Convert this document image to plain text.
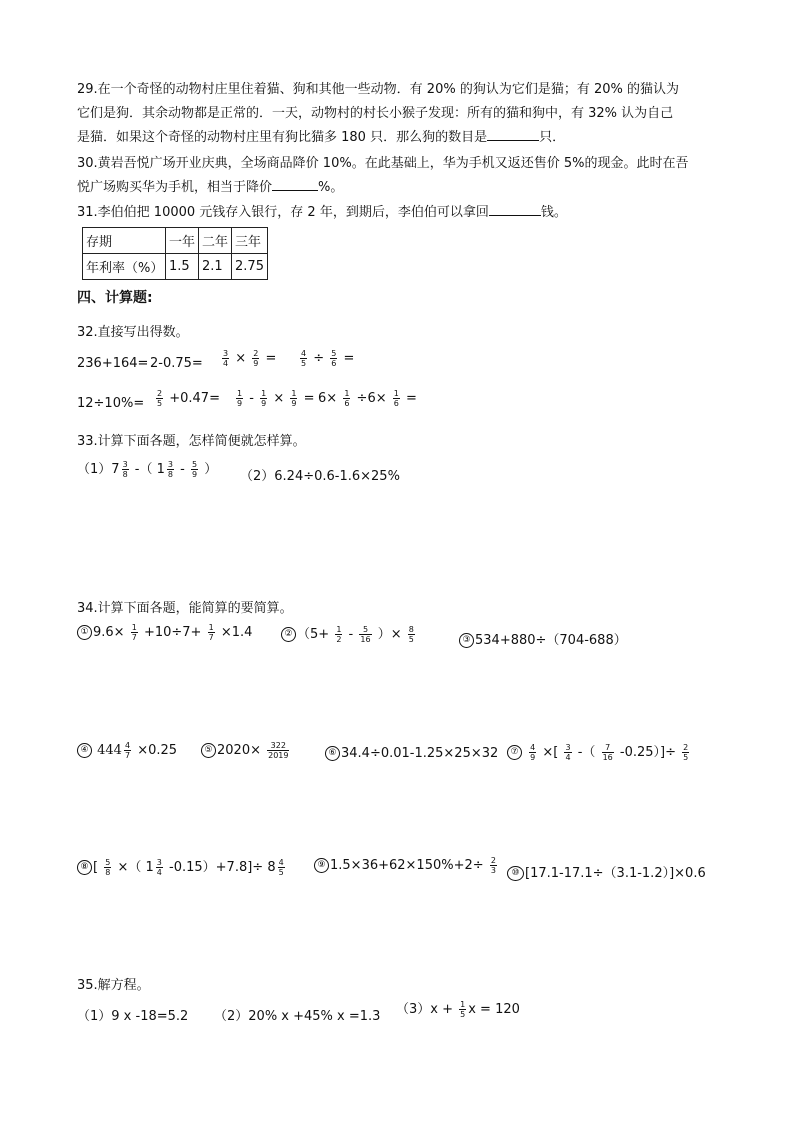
29.在一个奇怪的动物村庄里住着猫、狗和其他一些动物．有 20% 的狗认为它们是猫；有 20% 的猫认为
它们是狗．其余动物都是正常的．一天，动物村的村长小猴子发现：所有的猫和狗中，有 32% 认为自己
是猫．如果这个奇怪的动物村庄里有狗比猫多 180 只．那么狗的数目是	只．
30.黄岩吾悦广场开业庆典，全场商品降价 10%。在此基础上，华为手机又返还售价 5%的现金。此时在吾
悦广场购买华为手机，相当于降价	%。
31.李伯伯把 10000 元钱存入银行，存 2 年，到期后，李伯伯可以拿回	钱。
存期	一年	二年	三年
年利率（%）	1.5	2.1	2.75
四、计算题:
32.直接写出得数。
$236+164= 2-0.75= \frac{3}{4} \times \frac{2}{9}$ =	$\frac{4}{5} \div \frac{5}{6}$ =
$12\div 10\%= \frac{2}{5} +0.47= \frac{1}{9} - \frac{1}{9} \times \frac{1}{9} = 6\times \frac{1}{6} \div 6\times \frac{1}{6}$ =
33.计算下面各题，怎样简便就怎样算。
$(1)7 \frac{3}{8}$ -（ $1 \frac{3}{8} - \frac{5}{9}$ ） （2）6.24÷0.6-1.6×25%
34.计算下面各题，能简算的要简算。
① $9.6\times \frac{1}{7} +10\div 7+ \frac{1}{7} \times 1.4$	② （$5+ \frac{1}{2} - \frac{5}{16}$ ）× $\frac{8}{5}$	③ 534+880÷（704-688）
④ $444 \frac{4}{7} \times 0.25$	⑤ $2020\times \frac{322}{2019}$	⑥ 34.4÷0.01-1.25×25×32	⑦ $\frac{4}{9}$ ×[ $\frac{3}{4}$ -（ $\frac{7}{16} -0.25)]\div \frac{2}{5}$
⑧ [ $\frac{5}{8}$ ×（ $1 \frac{3}{4} -0.15)+7.8]\div 8 \frac{4}{5}$	⑨ $1.5\times 36+62\times 150\%+2\div \frac{2}{3}$	⑩ [17.1-17.1÷（3.1-1.2）]×0.6
35.解方程。
（1）9 x -18=5.2 （2）20% x +45% x =1.3 $(3)x + \frac{1}{5}$ x = 120
